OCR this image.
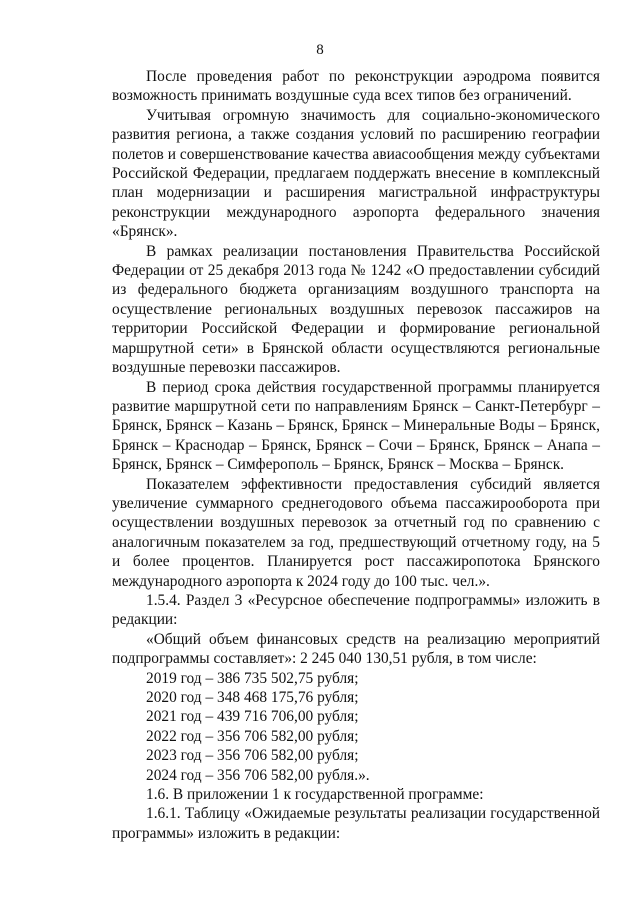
8

После проведения работ по реконструкции аэродрома появится возможность принимать воздушные суда всех типов без ограничений.

Учитывая огромную значимость для социально-экономического развития региона, а также создания условий по расширению географии полетов и совершенствование качества авиасообщения между субъектами Российской Федерации, предлагаем поддержать внесение в комплексный план модернизации и расширения магистральной инфраструктуры реконструкции международного аэропорта федерального значения «Брянск».

В рамках реализации постановления Правительства Российской Федерации от 25 декабря 2013 года № 1242 «О предоставлении субсидий из федерального бюджета организациям воздушного транспорта на осуществление региональных воздушных перевозок пассажиров на территории Российской Федерации и формирование региональной маршрутной сети» в Брянской области осуществляются региональные воздушные перевозки пассажиров.

В период срока действия государственной программы планируется развитие маршрутной сети по направлениям Брянск – Санкт-Петербург – Брянск, Брянск – Казань – Брянск, Брянск – Минеральные Воды – Брянск, Брянск – Краснодар – Брянск, Брянск – Сочи – Брянск, Брянск – Анапа – Брянск, Брянск – Симферополь – Брянск, Брянск – Москва – Брянск.

Показателем эффективности предоставления субсидий является увеличение суммарного среднегодового объема пассажирооборота при осуществлении воздушных перевозок за отчетный год по сравнению с аналогичным показателем за год, предшествующий отчетному году, на 5 и более процентов. Планируется рост пассажиропотока Брянского международного аэропорта к 2024 году до 100 тыс. чел.».

1.5.4. Раздел 3 «Ресурсное обеспечение подпрограммы» изложить в редакции:

«Общий объем финансовых средств на реализацию мероприятий подпрограммы составляет»: 2 245 040 130,51 рубля, в том числе:

2019 год – 386 735 502,75 рубля;
2020 год – 348 468 175,76 рубля;
2021 год – 439 716 706,00 рубля;
2022 год – 356 706 582,00 рубля;
2023 год – 356 706 582,00 рубля;
2024 год – 356 706 582,00 рубля.».

1.6. В приложении 1 к государственной программе:

1.6.1. Таблицу «Ожидаемые результаты реализации государственной программы» изложить в редакции:
